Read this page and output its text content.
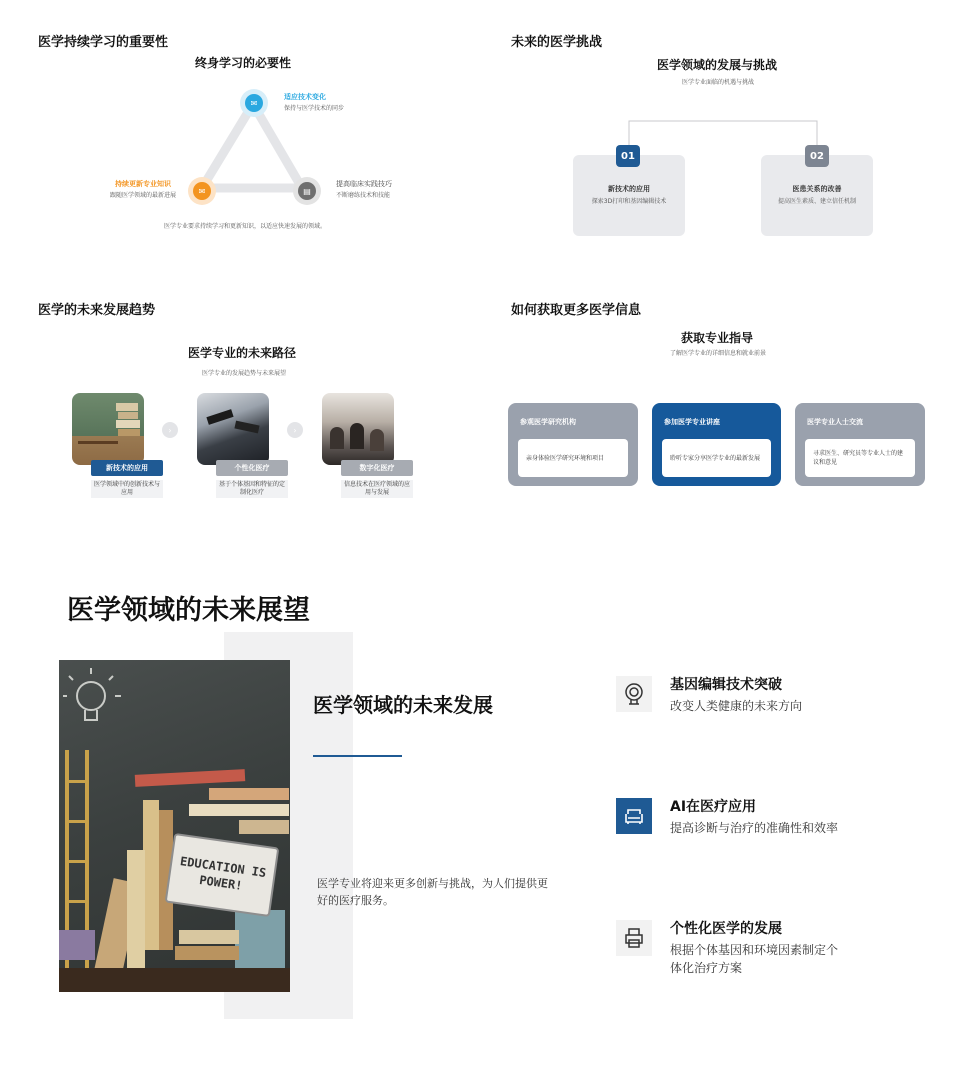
医学持续学习的重要性
终身学习的必要性
✉
✉	▤
适应技术变化
保持与医学技术的同步
持续更新专业知识
跟随医学领域的最新进展
提高临床实践技巧
不断磨练技术和技能
医学专业要求持续学习和更新知识，以适应快速发展的领域。
未来的医学挑战
医学领域的发展与挑战
医学专业面临的机遇与挑战
01
新技术的应用
探索3D打印和基因编辑技术
02
医患关系的改善
提高医生素质、建立信任机制
医学的未来发展趋势
医学专业的未来路径
医学专业的发展趋势与未来展望
›	›
新技术的应用
医学领域中的创新技术与应用
个性化医疗
基于个体基因和特征的定制化医疗
数字化医疗
信息技术在医疗领域的应用与发展
如何获取更多医学信息
获取专业指导
了解医学专业的详细信息和就业前景
参观医学研究机构
亲身体验医学研究环境和项目
参加医学专业讲座
聆听专家分享医学专业的最新发展
医学专业人士交流
寻求医生、研究员等专业人士的建议和意见
医学领域的未来展望
EDUCATION IS POWER!
医学领域的未来发展
医学专业将迎来更多创新与挑战，为人们提供更好的医疗服务。
基因编辑技术突破
改变人类健康的未来方向
AI在医疗应用
提高诊断与治疗的准确性和效率
个性化医学的发展
根据个体基因和环境因素制定个体化治疗方案
